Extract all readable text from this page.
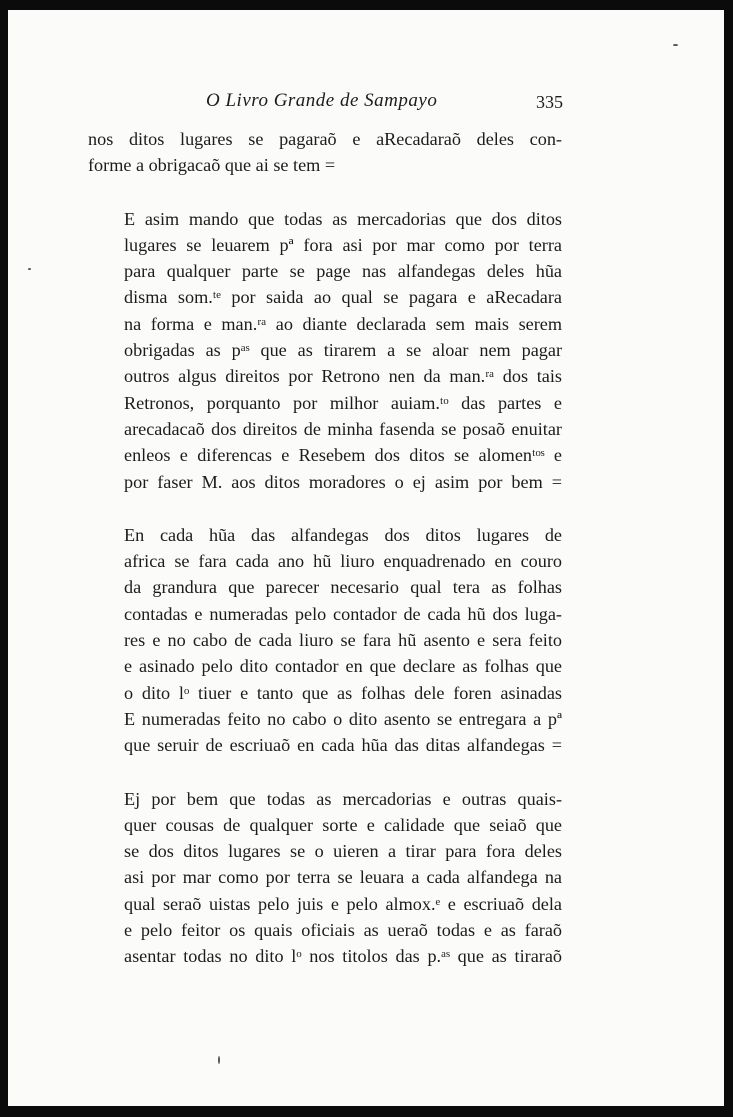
O Livro Grande de Sampayo	335

nos ditos lugares se pagaraõ e aRecadaraõ deles con-
forme a obrigacaõ que ai se tem =

E asim mando que todas as mercadorias que dos ditos
lugares se leuarem pª fora asi por mar como por terra
para qualquer parte se page nas alfandegas deles hũa
disma som.ᵗᵉ por saida ao qual se pagara e aRecadara
na forma e man.ʳᵃ ao diante declarada sem mais serem
obrigadas as pᵃˢ que as tirarem a se aloar nem pagar
outros algus direitos por Retrono nen da man.ʳᵃ dos tais
Retronos, porquanto por milhor auiam.ᵗᵒ das partes e
arecadacaõ dos direitos de minha fasenda se posaõ enuitar
enleos e diferencas e Resebem dos ditos se alomenᵗᵒˢ e
por faser M. aos ditos moradores o ej asim por bem =

En cada hũa das alfandegas dos ditos lugares de
africa se fara cada ano hũ liuro enquadrenado en couro
da grandura que parecer necesario qual tera as folhas
contadas e numeradas pelo contador de cada hũ dos luga-
res e no cabo de cada liuro se fara hũ asento e sera feito
e asinado pelo dito contador en que declare as folhas que
o dito lᵒ tiuer e tanto que as folhas dele foren asinadas
E numeradas feito no cabo o dito asento se entregara a pª
que seruir de escriuaõ en cada hũa das ditas alfandegas =

Ej por bem que todas as mercadorias e outras quais-
quer cousas de qualquer sorte e calidade que seiaõ que
se dos ditos lugares se o uieren a tirar para fora deles
asi por mar como por terra se leuara a cada alfandega na
qual seraõ uistas pelo juis e pelo almox.ᵉ e escriuaõ dela
e pelo feitor os quais oficiais as ueraõ todas e as faraõ
asentar todas no dito lᵒ nos titolos das p.ᵃˢ que as tiraraõ
